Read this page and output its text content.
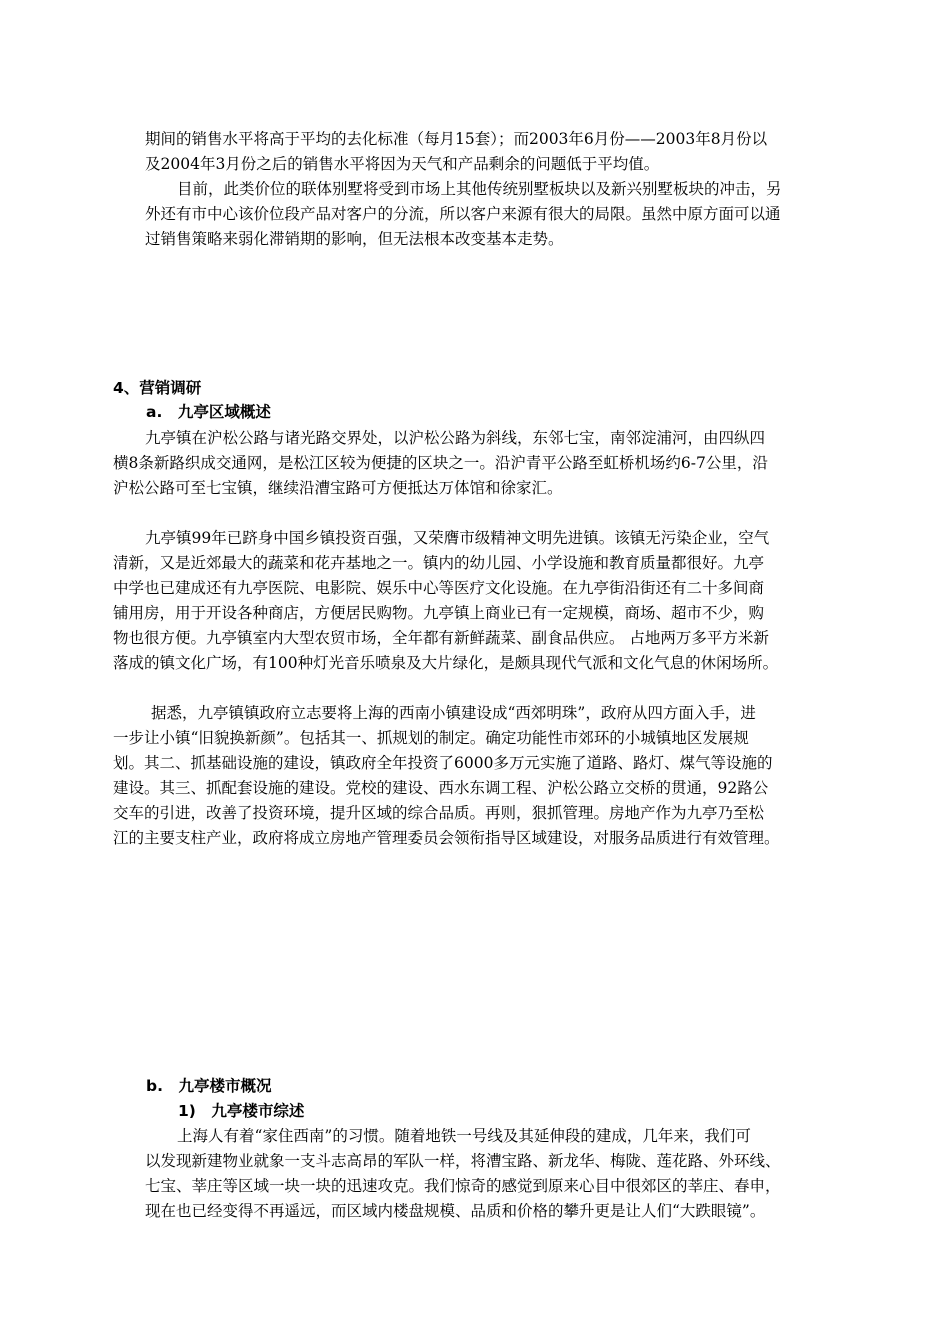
期间的销售水平将高于平均的去化标准（每月15套）；而2003年6月份——2003年8月份以
及2004年3月份之后的销售水平将因为天气和产品剩余的问题低于平均值。
目前，此类价位的联体别墅将受到市场上其他传统别墅板块以及新兴别墅板块的冲击，另
外还有市中心该价位段产品对客户的分流，所以客户来源有很大的局限。虽然中原方面可以通
过销售策略来弱化滞销期的影响，但无法根本改变基本走势。
4、营销调研
a.　九亭区域概述
九亭镇在沪松公路与诸光路交界处，以沪松公路为斜线，东邻七宝，南邻淀浦河，由四纵四
横8条新路织成交通网，是松江区较为便捷的区块之一。沿沪青平公路至虹桥机场约6-7公里，沿
沪松公路可至七宝镇，继续沿漕宝路可方便抵达万体馆和徐家汇。
九亭镇99年已跻身中国乡镇投资百强，又荣膺市级精神文明先进镇。该镇无污染企业，空气
清新，又是近郊最大的蔬菜和花卉基地之一。镇内的幼儿园、小学设施和教育质量都很好。九亭
中学也已建成还有九亭医院、电影院、娱乐中心等医疗文化设施。在九亭街沿街还有二十多间商
铺用房，用于开设各种商店，方便居民购物。九亭镇上商业已有一定规模，商场、超市不少，购
物也很方便。九亭镇室内大型农贸市场，全年都有新鲜蔬菜、副食品供应。 占地两万多平方米新
落成的镇文化广场，有100种灯光音乐喷泉及大片绿化，是颇具现代气派和文化气息的休闲场所。
据悉，九亭镇镇政府立志要将上海的西南小镇建设成“西郊明珠”，政府从四方面入手，进
一步让小镇“旧貌换新颜”。包括其一、抓规划的制定。确定功能性市郊环的小城镇地区发展规
划。其二、抓基础设施的建设，镇政府全年投资了6000多万元实施了道路、路灯、煤气等设施的
建设。其三、抓配套设施的建设。党校的建设、西水东调工程、沪松公路立交桥的贯通，92路公
交车的引进，改善了投资环境，提升区域的综合品质。再则，狠抓管理。房地产作为九亭乃至松
江的主要支柱产业，政府将成立房地产管理委员会领衔指导区域建设，对服务品质进行有效管理。
b.　九亭楼市概况
1)　九亭楼市综述
上海人有着“家住西南”的习惯。随着地铁一号线及其延伸段的建成，几年来，我们可
以发现新建物业就象一支斗志高昂的军队一样，将漕宝路、新龙华、梅陇、莲花路、外环线、
七宝、莘庄等区域一块一块的迅速攻克。我们惊奇的感觉到原来心目中很郊区的莘庄、春申，
现在也已经变得不再遥远，而区域内楼盘规模、品质和价格的攀升更是让人们“大跌眼镜”。
